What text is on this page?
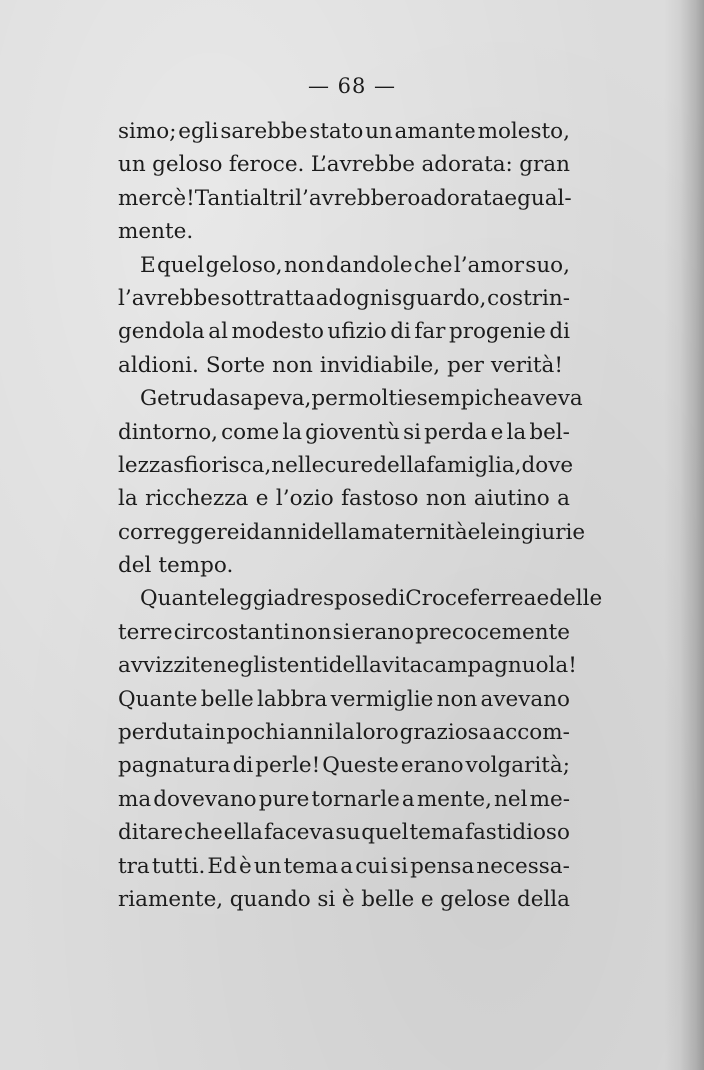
— 68 —
simo; egli sarebbe stato un amante molesto,
un geloso feroce. L’avrebbe adorata: gran
mercè! Tanti altri l’avrebbero adorata egual-
mente.
E quel geloso, non dandole che l’amor suo,
l’avrebbe sottratta ad ogni sguardo, costrin-
gendola al modesto ufizio di far progenie di
aldioni. Sorte non invidiabile, per verità!
Getruda sapeva, per molti esempi che aveva
dintorno, come la gioventù si perda e la bel-
lezza sfiorisca, nelle cure della famiglia, dove
la ricchezza e l’ozio fastoso non aiutino a
correggere i danni della maternità e le ingiurie
del tempo.
Quante leggiadre spose di Croceferrea e delle
terre circostanti non si erano precocemente
avvizzite negli stenti della vita campagnuola!
Quante belle labbra vermiglie non avevano
perduta in pochi anni la loro graziosa accom-
pagnatura di perle! Queste erano volgarità;
ma dovevano pure tornarle a mente, nel me-
ditare che ella faceva su quel tema fastidioso
tra tutti. Ed è un tema a cui si pensa necessa-
riamente, quando si è belle e gelose della
